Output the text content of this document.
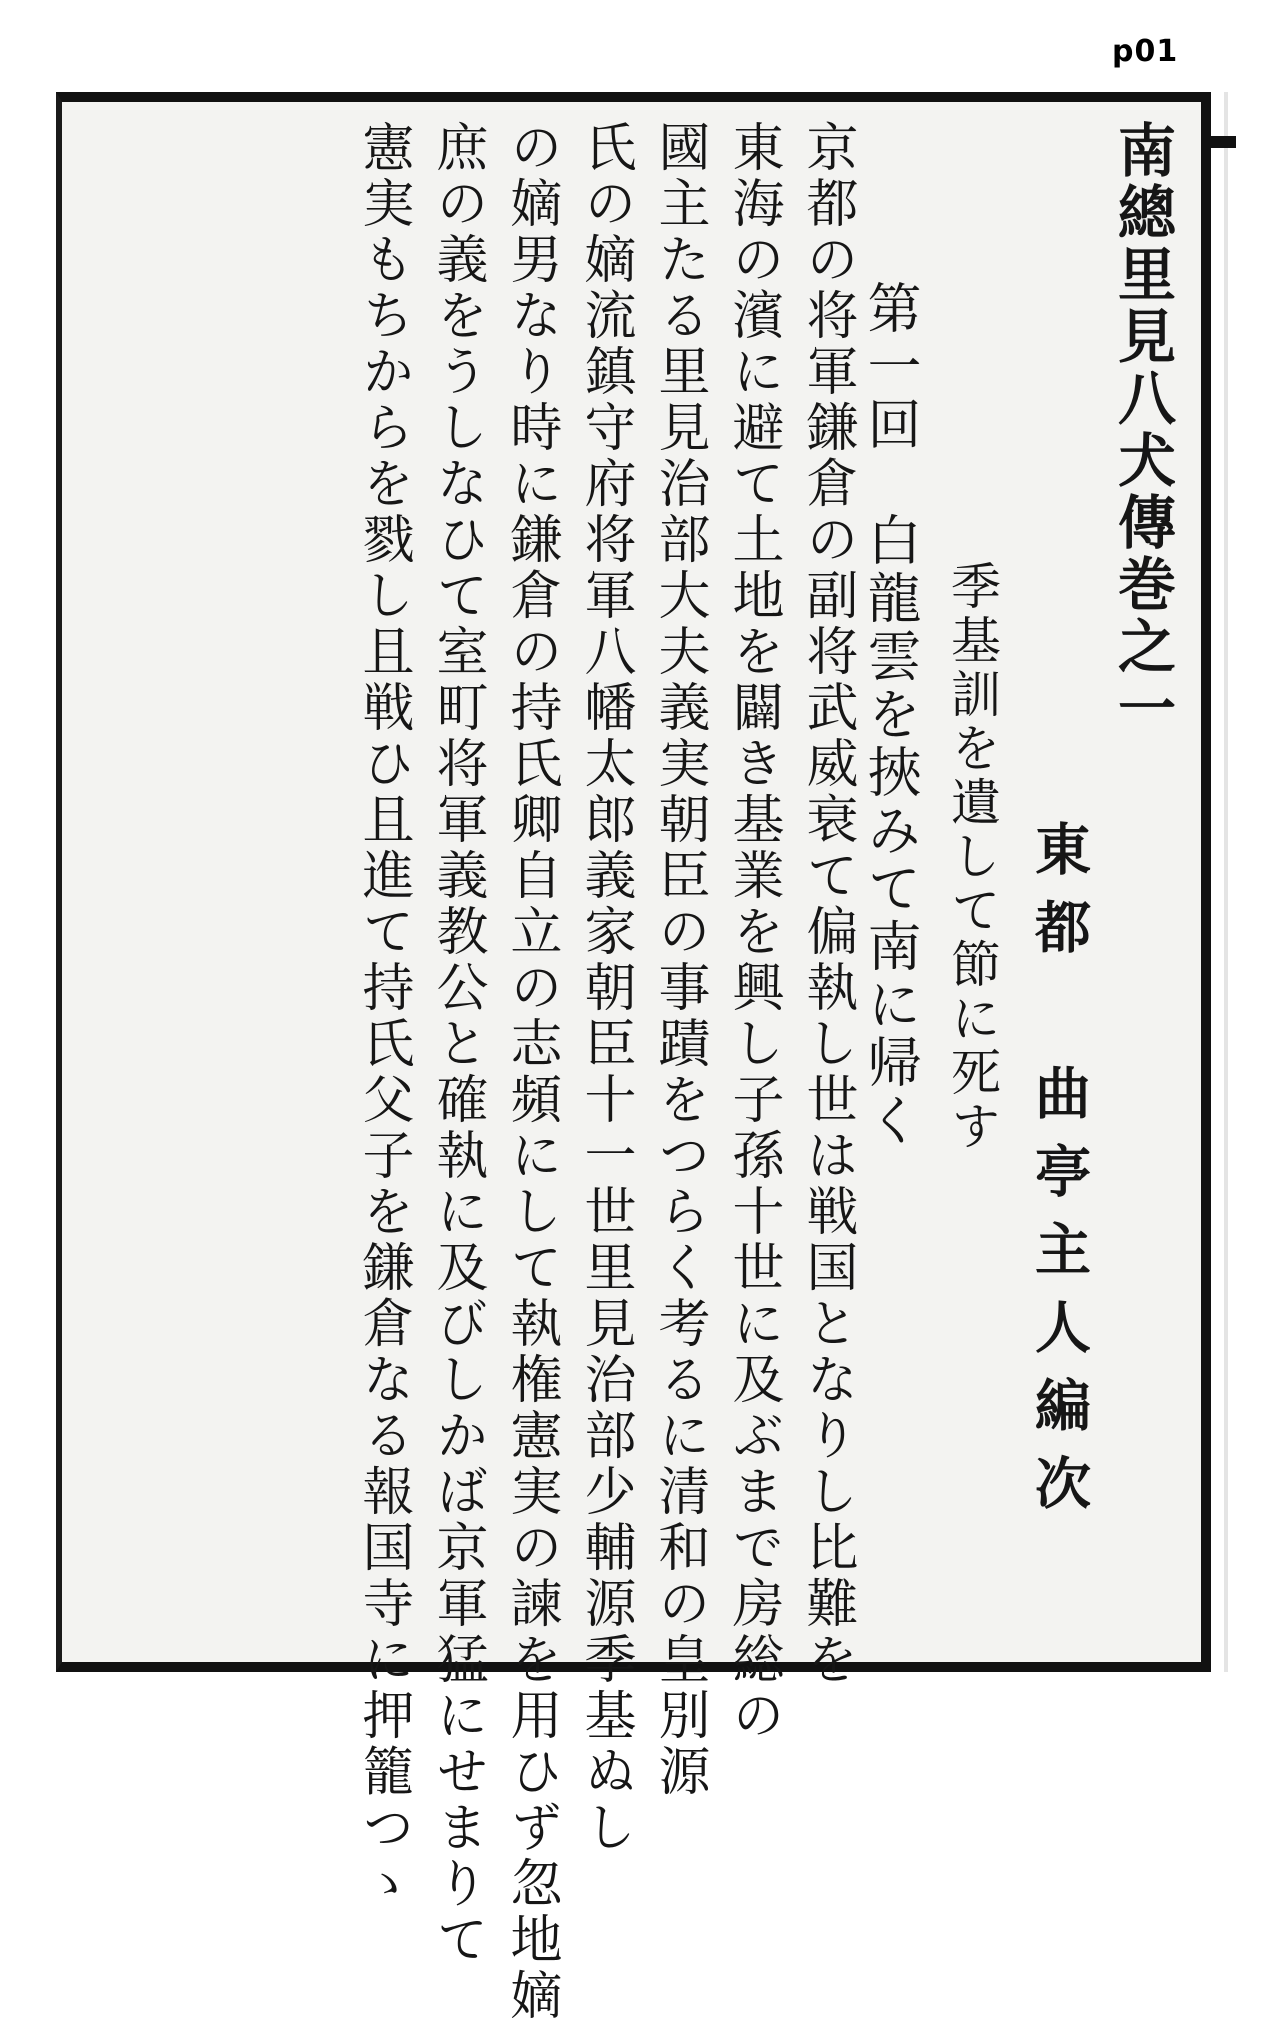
p01
南總里見八犬傳巻之一
東都 曲亭主人編次
季基訓を遺して節に死す
第一回　白龍雲を挾みて南に帰く
京都の将軍鎌倉の副将武威衰て偏執し世は戦国となりし比難を
東海の濱に避て土地を闢き基業を興し子孫十世に及ぶまで房総の
國主たる里見治部大夫義実朝臣の事蹟をつらく考るに清和の皇別源
氏の嫡流鎮守府将軍八幡太郎義家朝臣十一世里見治部少輔源季基ぬし
の嫡男なり時に鎌倉の持氏卿自立の志頻にして執権憲実の諫を用ひず忽地嫡
庶の義をうしなひて室町将軍義教公と確執に及びしかば京軍猛にせまりて
憲実もちからを戮し且戦ひ且進て持氏父子を鎌倉なる報国寺に押籠つゝ
